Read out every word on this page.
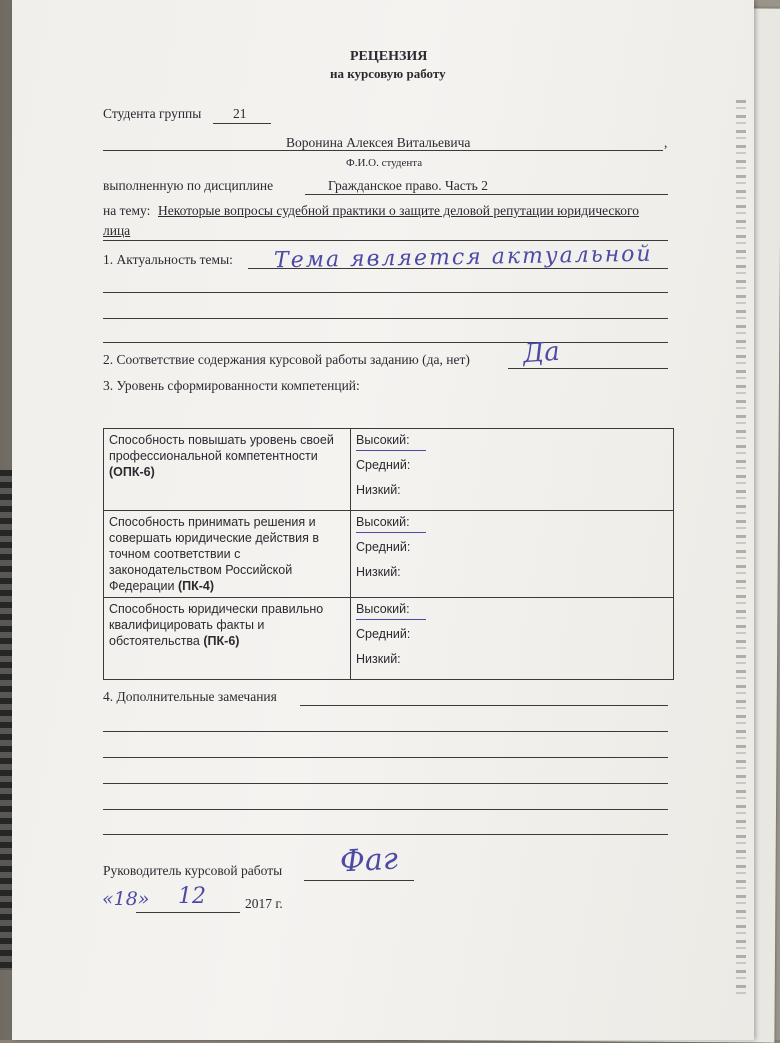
РЕЦЕНЗИЯ
на курсовую работу
Студента группы 21
Воронина Алексея Витальевича	,
Ф.И.О. студента
выполненную по дисциплине	Гражданское право. Часть 2
на тему: Некоторые вопросы судебной практики о защите деловой репутации юридического
лица
1. Актуальность темы: Тема является актуальной
2. Соответствие содержания курсовой работы заданию (да, нет) Да
3. Уровень сформированности компетенций:
Способность повышать уровень своей профессиональной компетентности (ОПК-6)	Высокий:
Средний:
Низкий:

Способность принимать решения и совершать юридические действия в точном соответствии с законодательством Российской Федерации (ПК-4)	Высокий:
Средний:
Низкий:

Способность юридически правильно квалифицировать факты и обстоятельства (ПК-6)	Высокий:
Средний:
Низкий:
4. Дополнительные замечания
Руководитель курсовой работы Фаг
«18» 12	2017 г.
